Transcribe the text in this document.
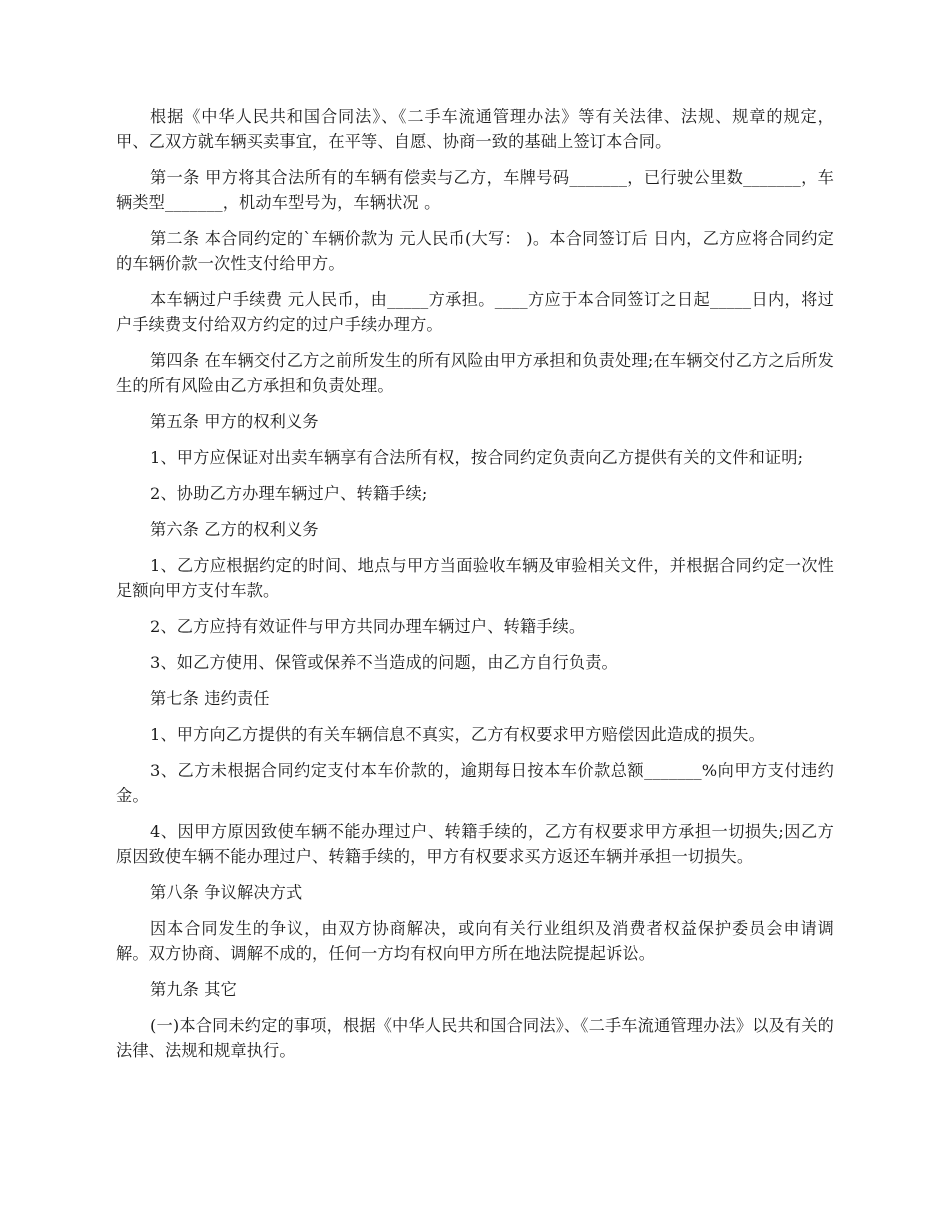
根据《中华人民共和国合同法》、《二手车流通管理办法》等有关法律、法规、规章的规定，甲、乙双方就车辆买卖事宜，在平等、自愿、协商一致的基础上签订本合同。

第一条 甲方将其合法所有的车辆有偿卖与乙方，车牌号码_______，已行驶公里数_______，车辆类型_______，机动车型号为，车辆状况 。

第二条 本合同约定的`车辆价款为 元人民币(大写： )。本合同签订后 日内，乙方应将合同约定的车辆价款一次性支付给甲方。

本车辆过户手续费 元人民币，由_____方承担。____方应于本合同签订之日起_____日内，将过户手续费支付给双方约定的过户手续办理方。

第四条 在车辆交付乙方之前所发生的所有风险由甲方承担和负责处理;在车辆交付乙方之后所发生的所有风险由乙方承担和负责处理。

第五条 甲方的权利义务

1、甲方应保证对出卖车辆享有合法所有权，按合同约定负责向乙方提供有关的文件和证明;

2、协助乙方办理车辆过户、转籍手续;

第六条 乙方的权利义务

1、乙方应根据约定的时间、地点与甲方当面验收车辆及审验相关文件，并根据合同约定一次性足额向甲方支付车款。

2、乙方应持有效证件与甲方共同办理车辆过户、转籍手续。

3、如乙方使用、保管或保养不当造成的问题，由乙方自行负责。

第七条 违约责任

1、甲方向乙方提供的有关车辆信息不真实，乙方有权要求甲方赔偿因此造成的损失。

3、乙方未根据合同约定支付本车价款的，逾期每日按本车价款总额_______%向甲方支付违约金。

4、因甲方原因致使车辆不能办理过户、转籍手续的，乙方有权要求甲方承担一切损失;因乙方原因致使车辆不能办理过户、转籍手续的，甲方有权要求买方返还车辆并承担一切损失。

第八条 争议解决方式

因本合同发生的争议，由双方协商解决，或向有关行业组织及消费者权益保护委员会申请调解。双方协商、调解不成的，任何一方均有权向甲方所在地法院提起诉讼。

第九条 其它

(一)本合同未约定的事项，根据《中华人民共和国合同法》、《二手车流通管理办法》以及有关的法律、法规和规章执行。
